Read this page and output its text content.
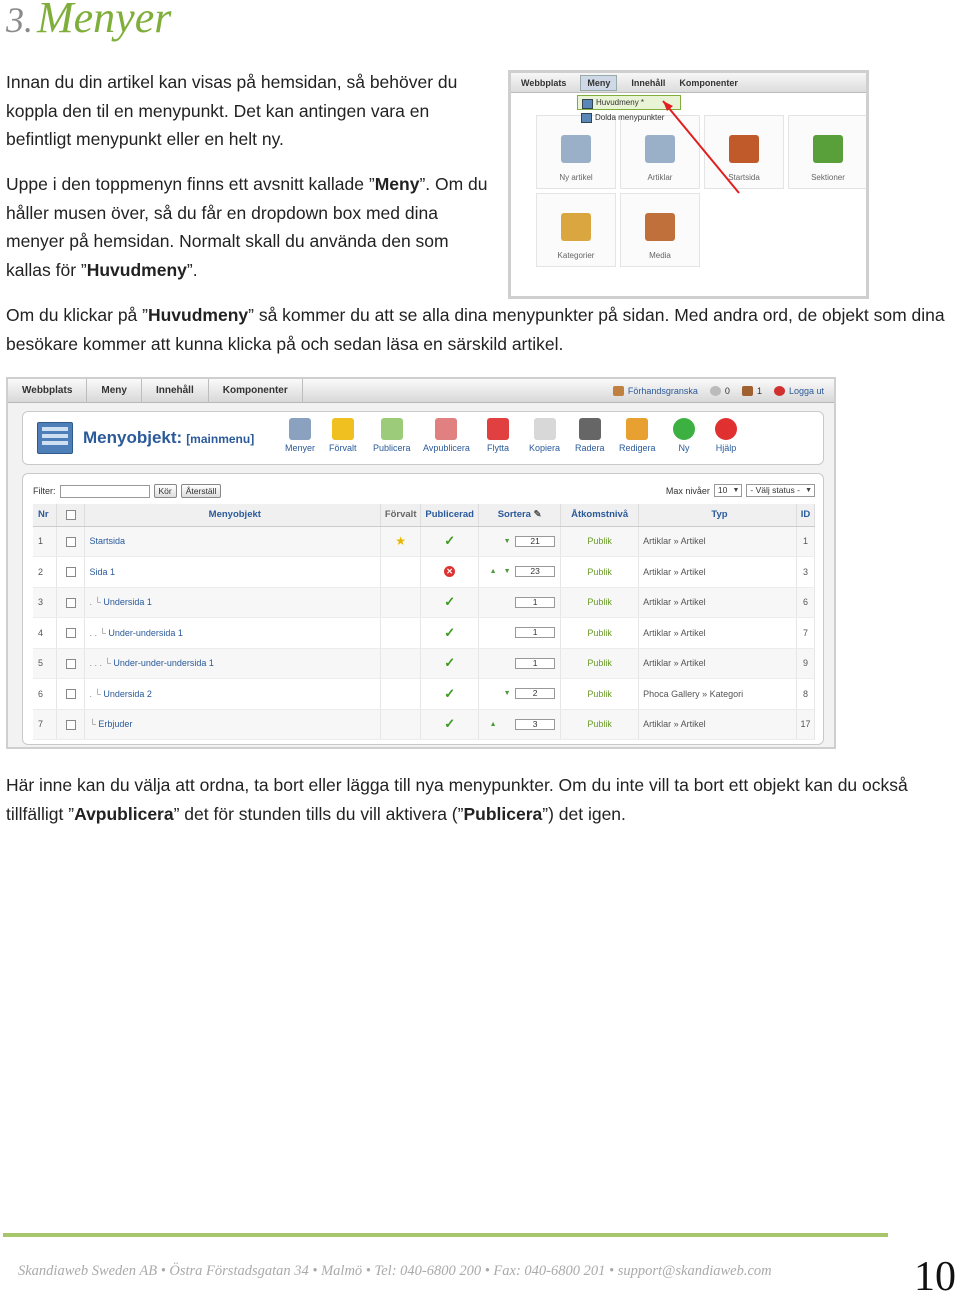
3.Menyer
Innan du din artikel kan visas på hemsidan, så behöver du koppla den til en menypunkt. Det kan antingen vara en befintligt menypunkt eller en helt ny.
Uppe i den toppmenyn finns ett avsnitt kallade ”Meny”. Om du håller musen över, så du får en dropdown box med dina menyer på hemsidan. Normalt skall du använda den som kallas för ”Huvudmeny”.
Webbplats	Meny	Innehåll Komponenter
Ny artikel	Artiklar	Startsida	Sektioner
Kategorier	Media
Huvudmeny *
Dolda menypunkter
Om du klickar på ”Huvudmeny” så kommer du att se alla dina menypunkter på sidan. Med andra ord, de objekt som dina besökare kommer att kunna klicka på och sedan läsa en särskild artikel.
Webbplats	Meny	Innehåll	Komponenter	Förhandsgranska	0	1	Logga ut
Menyobjekt: [mainmenu]
Menyer Förvalt Publicera Avpublicera Flytta Kopiera Radera Redigera	Ny	Hjälp
Filter:	Kör	Återställ	Max nivåer 10 ▼	- Välj status - ▼
Nr		Menyobjekt	Förvalt	Publicerad	Sortera ✎	Åtkomstnivå	Typ	ID
1		Startsida	★	✓	▼ 21	Publik	Artiklar » Artikel	1
2		Sida 1		✕	▲ ▼ 23	Publik	Artiklar » Artikel	3
3		. └ Undersida 1		✓	1	Publik	Artiklar » Artikel	6
4		. . └ Under-undersida 1		✓	1	Publik	Artiklar » Artikel	7
5		. . . └ Under-under-undersida 1		✓	1	Publik	Artiklar » Artikel	9
6		. └ Undersida 2		✓	▼ 2	Publik	Phoca Gallery » Kategori	8
7		└ Erbjuder		✓	▲ 3	Publik	Artiklar » Artikel	17
Här inne kan du välja att ordna, ta bort eller lägga till nya menypunkter. Om du inte vill ta bort ett objekt kan du också tillfälligt ”Avpublicera” det för stunden tills du vill aktivera (”Publicera”) det igen.
Skandiaweb Sweden AB • Östra Förstadsgatan 34 • Malmö • Tel: 040-6800 200 • Fax: 040-6800 201 • support@skandiaweb.com	10
